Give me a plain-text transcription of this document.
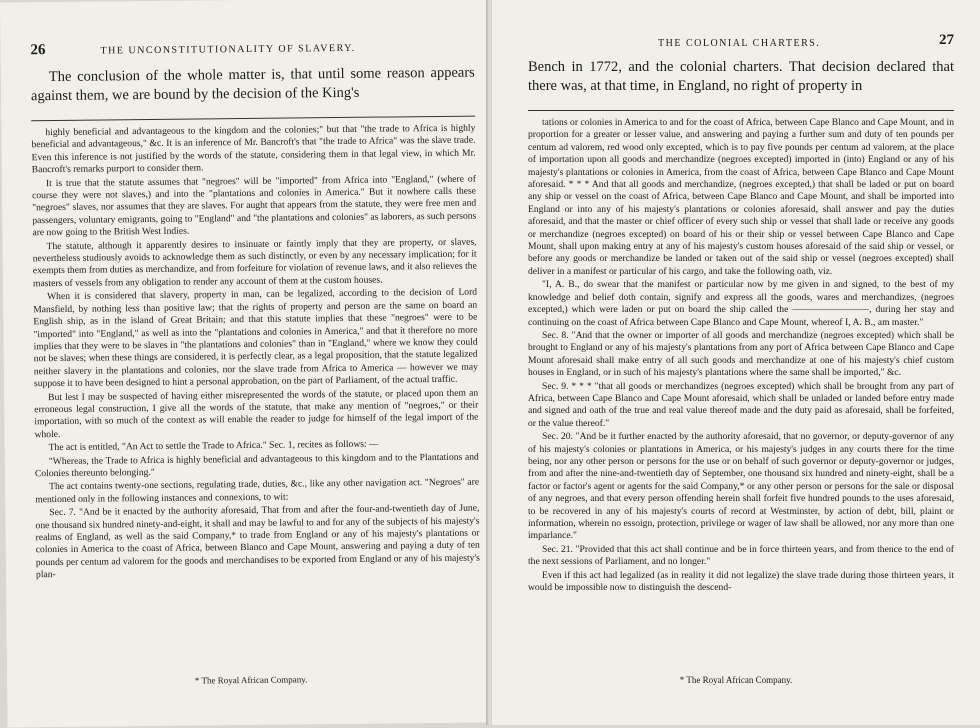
26	THE UNCONSTITUTIONALITY OF SLAVERY.

The conclusion of the whole matter is, that until some reason appears against them, we are bound by the decision of the King's

highly beneficial and advantageous to the kingdom and the colonies;" but that "the trade to Africa is highly beneficial and advantageous," &c. It is an inference of Mr. Bancroft's that "the trade to Africa" was the slave trade. Even this inference is not justified by the words of the statute, considering them in that legal view, in which Mr. Bancroft's remarks purport to consider them.

It is true that the statute assumes that "negroes" will be "imported" from Africa into "England," (where of course they were not slaves,) and into the "plantations and colonies in America." But it nowhere calls these "negroes" slaves, nor assumes that they are slaves. For aught that appears from the statute, they were free men and passengers, voluntary emigrants, going to "England" and "the plantations and colonies" as laborers, as such persons are now going to the British West Indies.

The statute, although it apparently desires to insinuate or faintly imply that they are property, or slaves, nevertheless studiously avoids to acknowledge them as such distinctly, or even by any necessary implication; for it exempts them from duties as merchandize, and from forfeiture for violation of revenue laws, and it also relieves the masters of vessels from any obligation to render any account of them at the custom houses.

When it is considered that slavery, property in man, can be legalized, according to the decision of Lord Mansfield, by nothing less than positive law; that the rights of property and person are the same on board an English ship, as in the island of Great Britain; and that this statute implies that these "negroes" were to be "imported" into "England," as well as into the "plantations and colonies in America," and that it therefore no more implies that they were to be slaves in "the plantations and colonies" than in "England," where we know they could not be slaves; when these things are considered, it is perfectly clear, as a legal proposition, that the statute legalized neither slavery in the plantations and colonies, nor the slave trade from Africa to America — however we may suppose it to have been designed to hint a personal approbation, on the part of Parliament, of the actual traffic.

But lest I may be suspected of having either misrepresented the words of the statute, or placed upon them an erroneous legal construction, I give all the words of the statute, that make any mention of "negroes," or their importation, with so much of the context as will enable the reader to judge for himself of the legal import of the whole.

The act is entitled, "An Act to settle the Trade to Africa." Sec. 1, recites as follows: —

"Whereas, the Trade to Africa is highly beneficial and advantageous to this kingdom and to the Plantations and Colonies thereunto belonging."

The act contains twenty-one sections, regulating trade, duties, &c., like any other navigation act. "Negroes" are mentioned only in the following instances and connexions, to wit:

Sec. 7. "And be it enacted by the authority aforesaid, That from and after the four-and-twentieth day of June, one thousand six hundred ninety-and-eight, it shall and may be lawful to and for any of the subjects of his majesty's realms of England, as well as the said Company,* to trade from England or any of his majesty's plantations or colonies in America to the coast of Africa, between Blanco and Cape Mount, answering and paying a duty of ten pounds per centum ad valorem for the goods and merchandises to be exported from England or any of his majesty's plan-

* The Royal African Company.
THE COLONIAL CHARTERS.	27

Bench in 1772, and the colonial charters. That decision declared that there was, at that time, in England, no right of property in

tations or colonies in America to and for the coast of Africa, between Cape Blanco and Cape Mount, and in proportion for a greater or lesser value, and answering and paying a further sum and duty of ten pounds per centum ad valorem, red wood only excepted, which is to pay five pounds per centum ad valorem, at the place of importation upon all goods and merchandize (negroes excepted) imported in (into) England or any of his majesty's plantations or colonies in America, from the coast of Africa, between Cape Blanco and Cape Mount aforesaid. * * * And that all goods and merchandize, (negroes excepted,) that shall be laded or put on board any ship or vessel on the coast of Africa, between Cape Blanco and Cape Mount, and shall be imported into England or into any of his majesty's plantations or colonies aforesaid, shall answer and pay the duties aforesaid, and that the master or chief officer of every such ship or vessel that shall lade or receive any goods or merchandize (negroes excepted) on board of his or their ship or vessel between Cape Blanco and Cape Mount, shall upon making entry at any of his majesty's custom houses aforesaid of the said ship or vessel, or before any goods or merchandize be landed or taken out of the said ship or vessel (negroes excepted) shall deliver in a manifest or particular of his cargo, and take the following oath, viz.

"I, A. B., do swear that the manifest or particular now by me given in and signed, to the best of my knowledge and belief doth contain, signify and express all the goods, wares and merchandizes, (negroes excepted,) which were laden or put on board the ship called the ————————, during her stay and continuing on the coast of Africa between Cape Blanco and Cape Mount, whereof I, A. B., am master."

Sec. 8. "And that the owner or importer of all goods and merchandize (negroes excepted) which shall be brought to England or any of his majesty's plantations from any port of Africa between Cape Blanco and Cape Mount aforesaid shall make entry of all such goods and merchandize at one of his majesty's chief custom houses in England, or in such of his majesty's plantations where the same shall be imported," &c.

Sec. 9. * * * "that all goods or merchandizes (negroes excepted) which shall be brought from any part of Africa, between Cape Blanco and Cape Mount aforesaid, which shall be unladed or landed before entry made and signed and oath of the true and real value thereof made and the duty paid as aforesaid, shall be forfeited, or the value thereof."

Sec. 20. "And be it further enacted by the authority aforesaid, that no governor, or deputy-governor of any of his majesty's colonies or plantations in America, or his majesty's judges in any courts there for the time being, nor any other person or persons for the use or on behalf of such governor or deputy-governor or judges, from and after the nine-and-twentieth day of September, one thousand six hundred and ninety-eight, shall be a factor or factor's agent or agents for the said Company,* or any other person or persons for the sale or disposal of any negroes, and that every person offending herein shall forfeit five hundred pounds to the uses aforesaid, to be recovered in any of his majesty's courts of record at Westminster, by action of debt, bill, plaint or information, wherein no essoign, protection, privilege or wager of law shall be allowed, nor any more than one imparlance."

Sec. 21. "Provided that this act shall continue and be in force thirteen years, and from thence to the end of the next sessions of Parliament, and no longer."

Even if this act had legalized (as in reality it did not legalize) the slave trade during those thirteen years, it would be impossible now to distinguish the descend-

* The Royal African Company.
